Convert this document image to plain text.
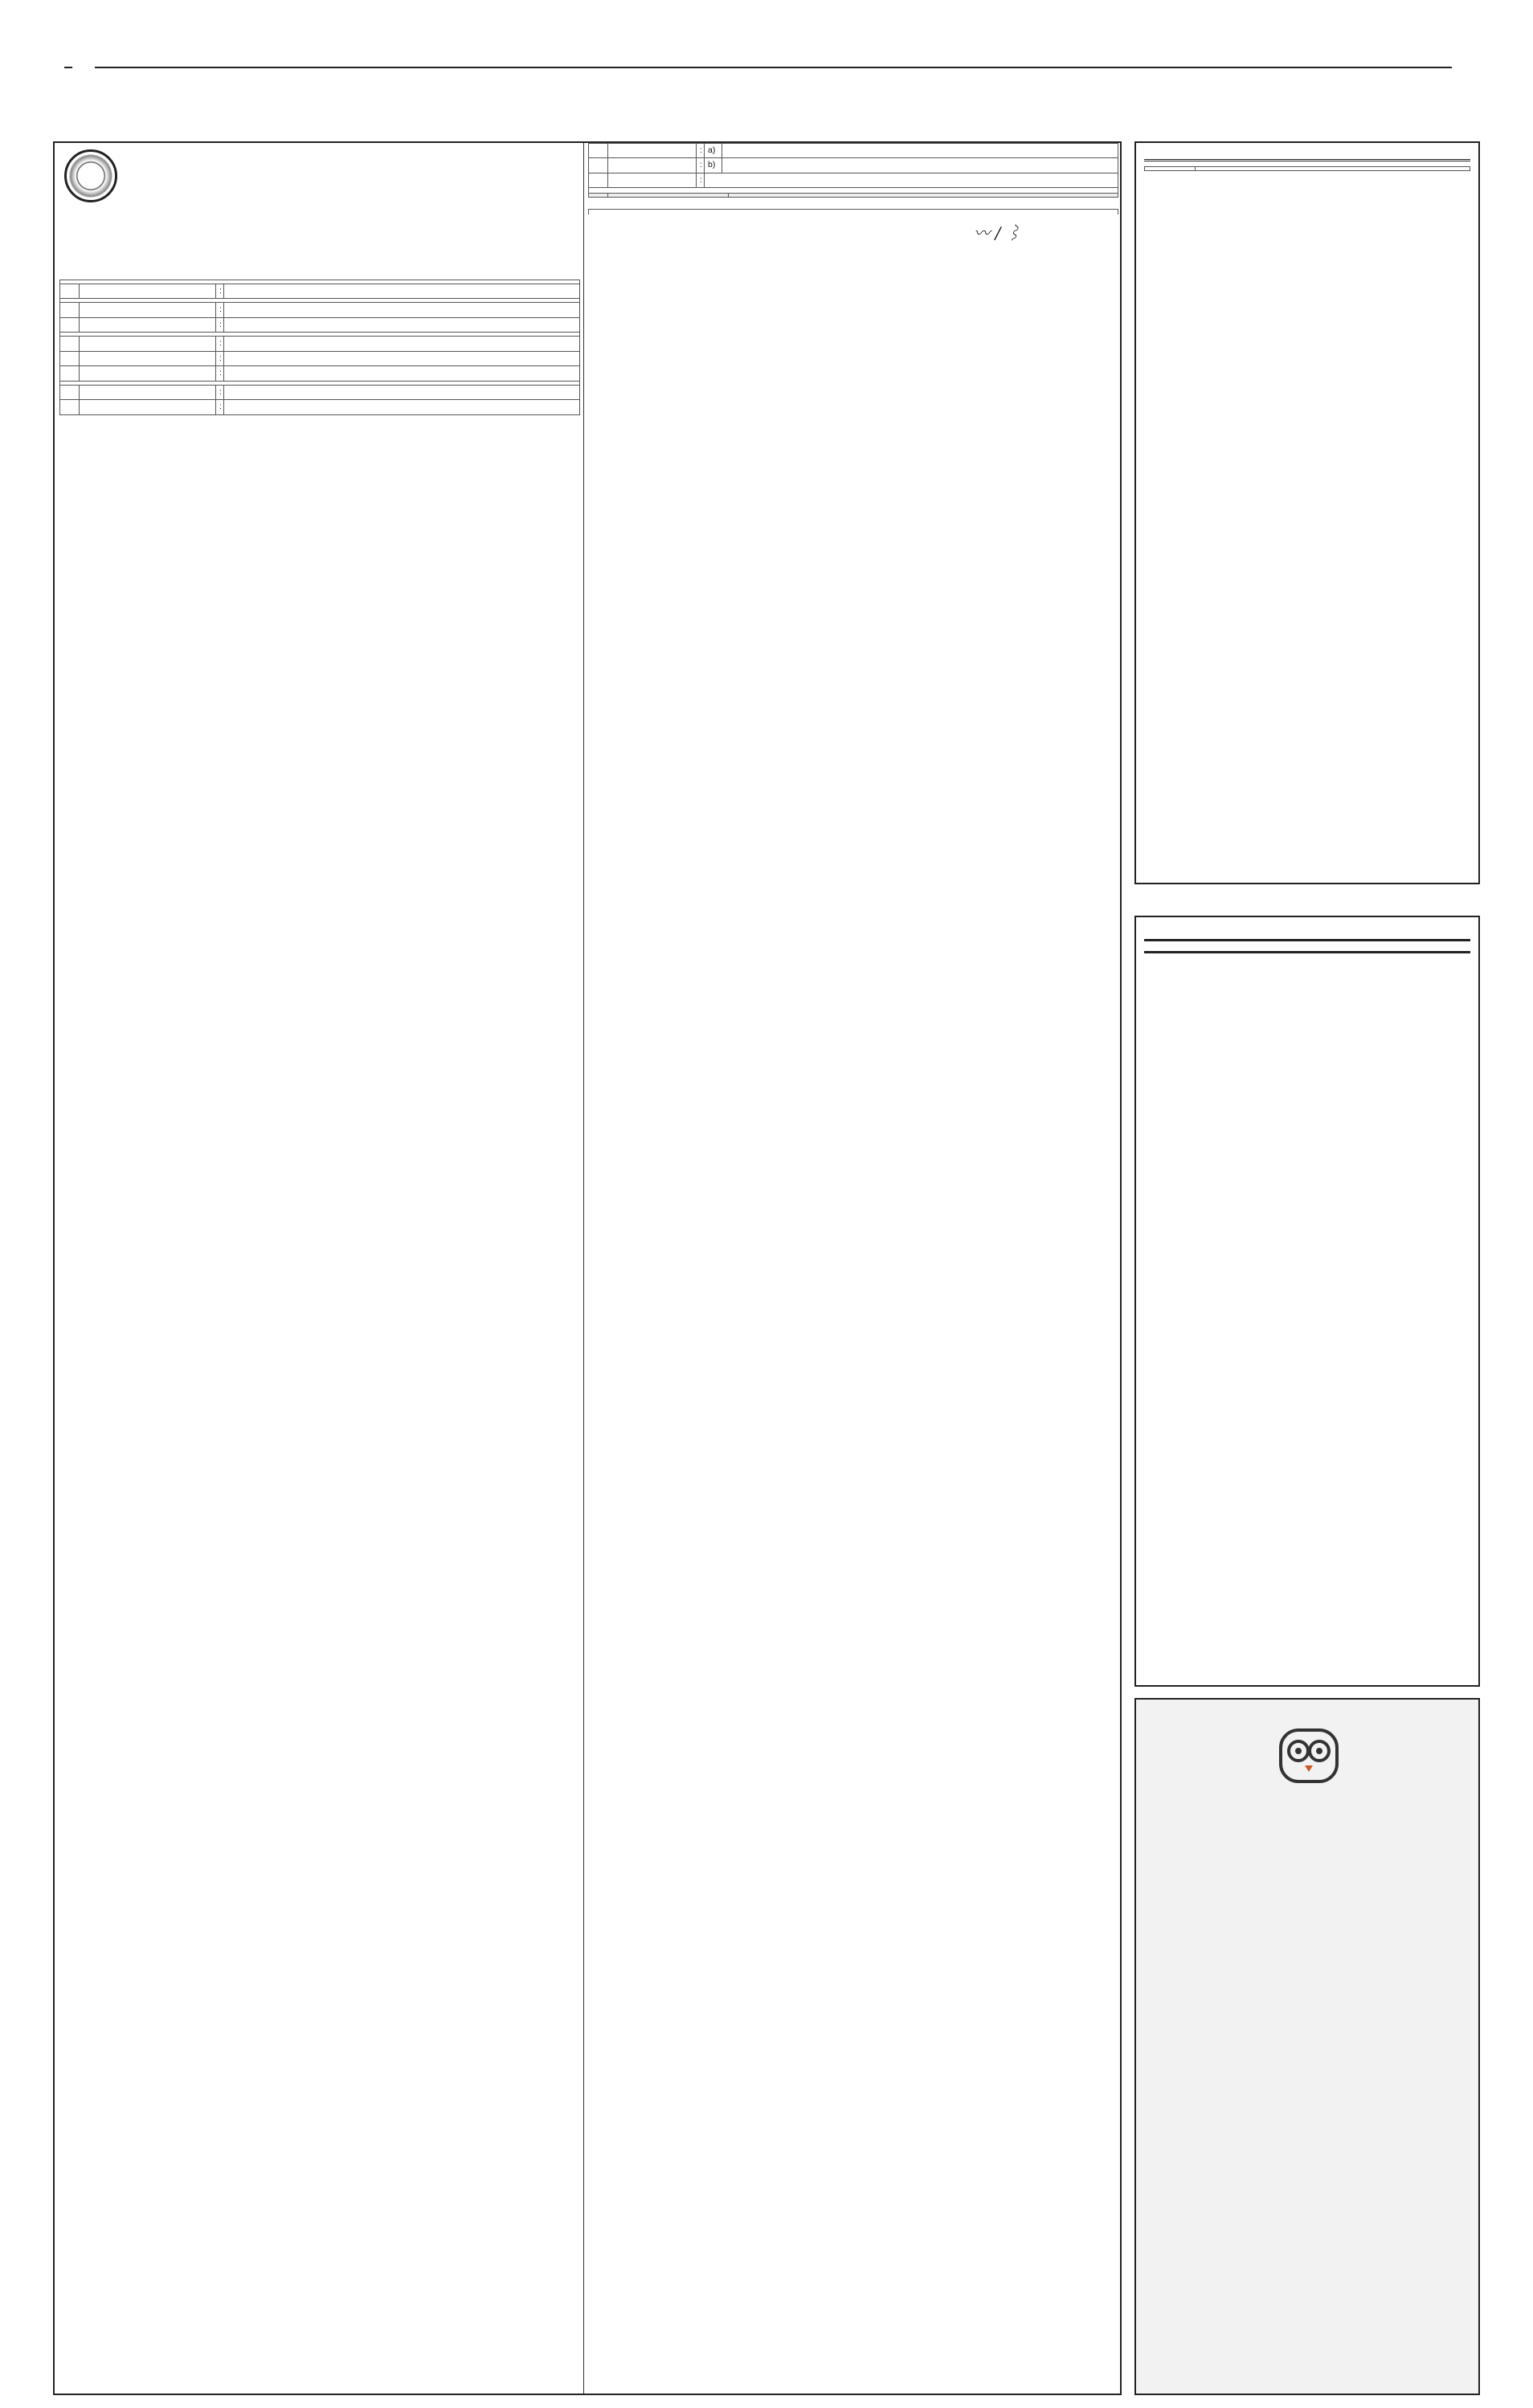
		:	

		:	
		:	

		:	
		:	
		:	

		:	

		:	
		:	a)	
		:	b)	
		:		

〰 ∕ ⌇
